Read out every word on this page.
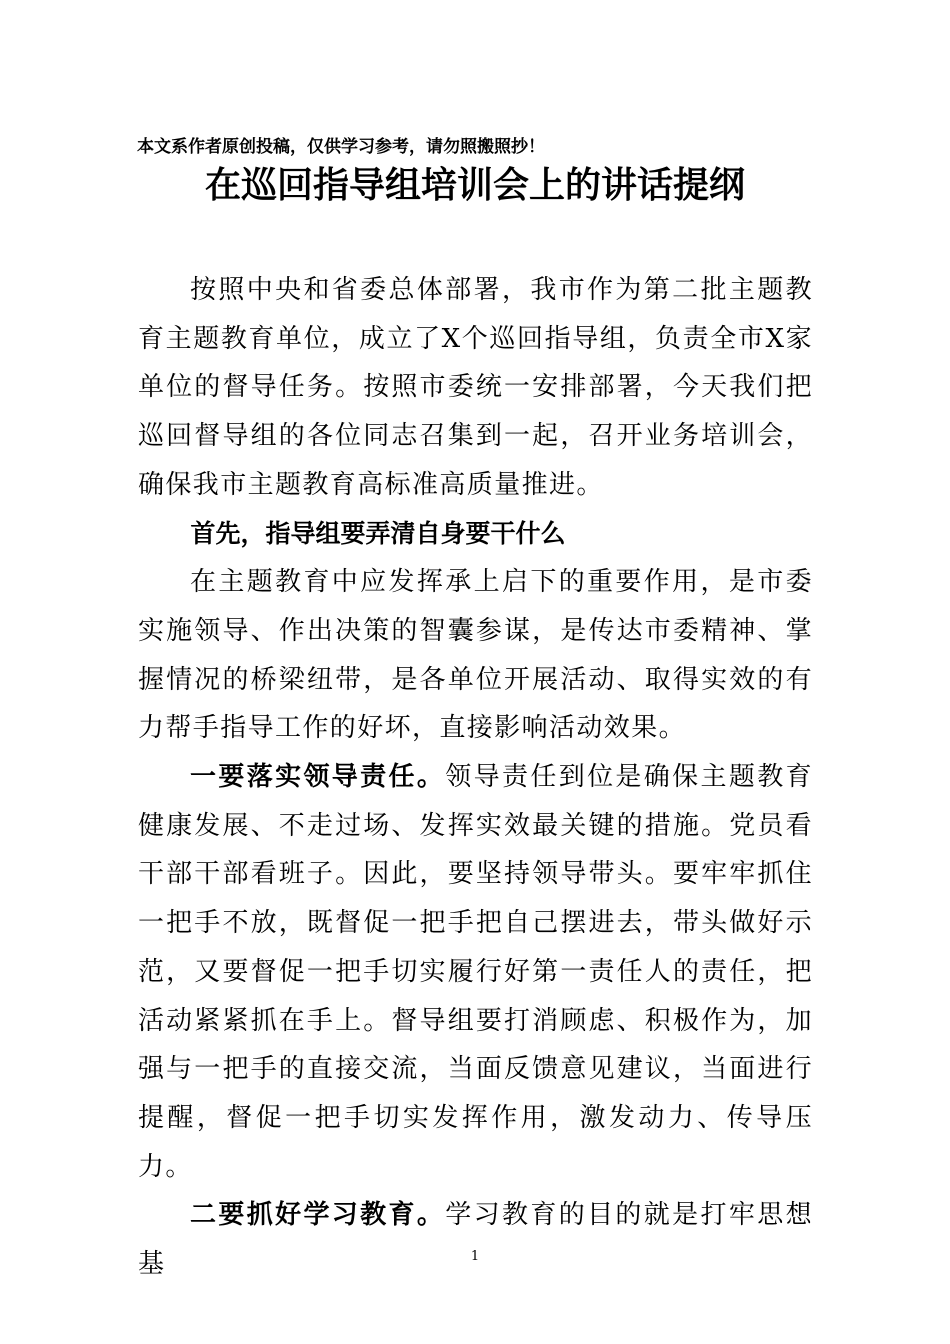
本文系作者原创投稿，仅供学习参考，请勿照搬照抄！
在巡回指导组培训会上的讲话提纲

按照中央和省委总体部署，我市作为第二批主题教育主题教育单位，成立了X个巡回指导组，负责全市X家单位的督导任务。按照市委统一安排部署，今天我们把巡回督导组的各位同志召集到一起，召开业务培训会，确保我市主题教育高标准高质量推进。

首先，指导组要弄清自身要干什么

在主题教育中应发挥承上启下的重要作用，是市委实施领导、作出决策的智囊参谋，是传达市委精神、掌握情况的桥梁纽带，是各单位开展活动、取得实效的有力帮手指导工作的好坏，直接影响活动效果。

一要落实领导责任。领导责任到位是确保主题教育健康发展、不走过场、发挥实效最关键的措施。党员看干部干部看班子。因此，要坚持领导带头。要牢牢抓住一把手不放，既督促一把手把自己摆进去，带头做好示范，又要督促一把手切实履行好第一责任人的责任，把活动紧紧抓在手上。督导组要打消顾虑、积极作为，加强与一把手的直接交流，当面反馈意见建议，当面进行提醒，督促一把手切实发挥作用，激发动力、传导压力。

二要抓好学习教育。学习教育的目的就是打牢思想基	1
